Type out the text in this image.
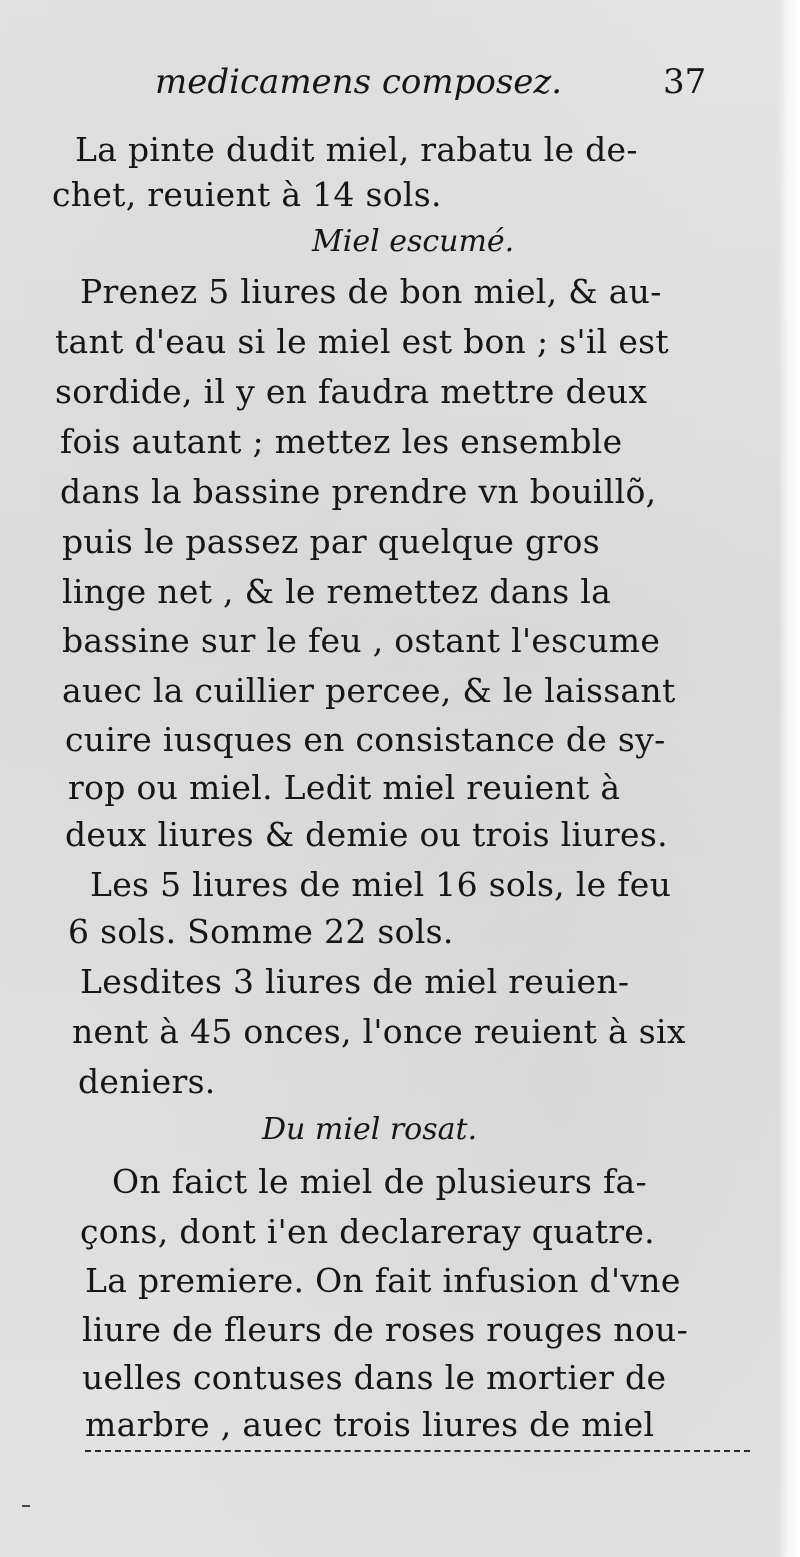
medicamens composez.	37
La pinte dudit miel, rabatu le de-
chet, reuient à 14 sols.
Miel escumé.
Prenez 5 liures de bon miel, & au-
tant d'eau si le miel est bon ; s'il est
sordide, il y en faudra mettre deux
fois autant ; mettez les ensemble
dans la bassine prendre vn bouillõ,
puis le passez par quelque gros
linge net , & le remettez dans la
bassine sur le feu , ostant l'escume
auec la cuillier percee, & le laissant
cuire iusques en consistance de sy-
rop ou miel. Ledit miel reuient à
deux liures & demie ou trois liures.
Les 5 liures de miel 16 sols, le feu
6 sols. Somme 22 sols.
Lesdites 3 liures de miel reuien-
nent à 45 onces, l'once reuient à six
deniers.
Du miel rosat.
On faict le miel de plusieurs fa-
çons, dont i'en declareray quatre.
La premiere. On fait infusion d'vne
liure de fleurs de roses rouges nou-
uelles contuses dans le mortier de
marbre , auec trois liures de miel
